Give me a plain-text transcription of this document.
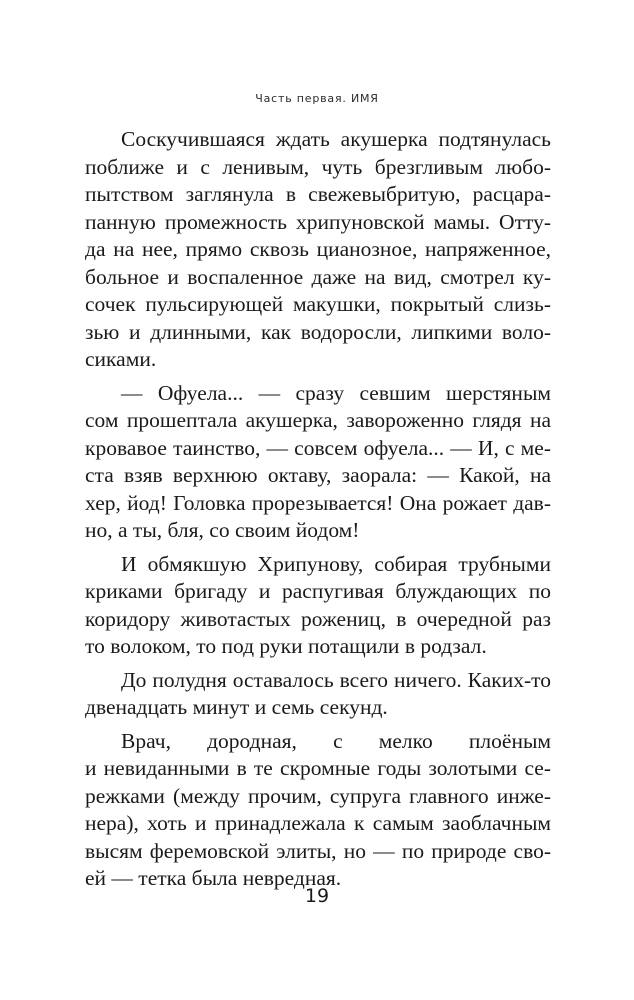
Часть первая. ИМЯ
Соскучившаяся ждать акушерка подтянулась
поближе и с ленивым, чуть брезгливым любо-
пытством заглянула в свежевыбритую, расцара-
панную промежность хрипуновской мамы. Отту-
да на нее, прямо сквозь цианозное, напряженное,
больное и воспаленное даже на вид, смотрел ку-
сочек пульсирующей макушки, покрытый слизь-
зью и длинными, как водоросли, липкими воло-
сиками.
— Офуела... — сразу севшим шерстяным
сом прошептала акушерка, завороженно глядя на
кровавое таинство, — совсем офуела... — И, с ме-
ста взяв верхнюю октаву, заорала: — Какой, на
хер, йод! Головка прорезывается! Она рожает дав-
но, а ты, бля, со своим йодом!
И обмякшую Хрипунову, собирая трубными
криками бригаду и распугивая блуждающих по
коридору животастых рожениц, в очередной раз
то волоком, то под руки потащили в родзал.
До полудня оставалось всего ничего. Каких-то
двенадцать минут и семь секунд.
Врач, дородная, с мелко плоёным
и невиданными в те скромные годы золотыми се-
режками (между прочим, супруга главного инже-
нера), хоть и принадлежала к самым заоблачным
высям феремовской элиты, но — по природе сво-
ей — тетка была невредная.
19
